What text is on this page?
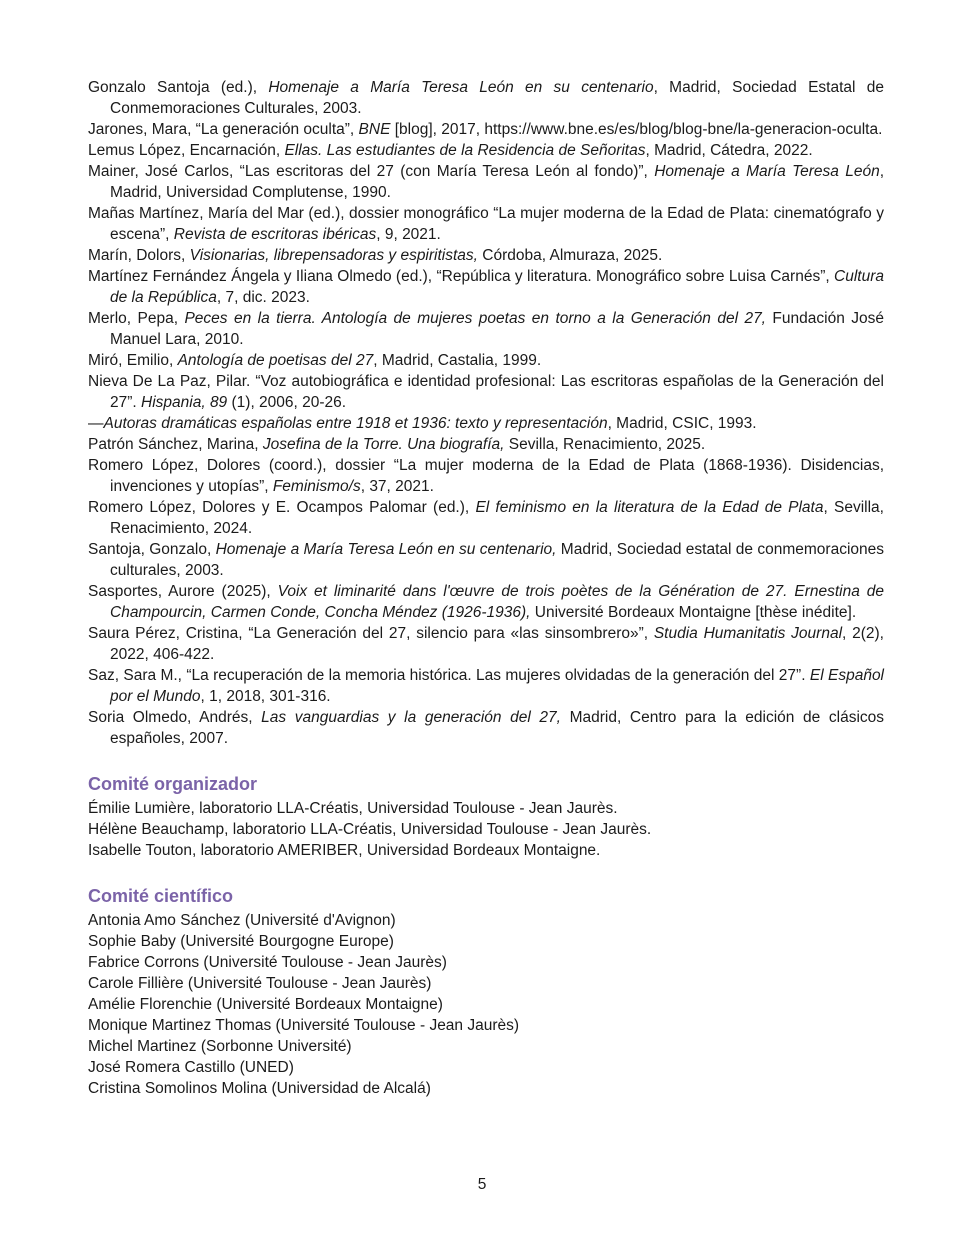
Gonzalo Santoja (ed.), Homenaje a María Teresa León en su centenario, Madrid, Sociedad Estatal de Conmemoraciones Culturales, 2003.

Jarones, Mara, “La generación oculta”, BNE [blog], 2017, https://www.bne.es/es/blog/blog-bne/la-generacion-oculta.

Lemus López, Encarnación, Ellas. Las estudiantes de la Residencia de Señoritas, Madrid, Cátedra, 2022.

Mainer, José Carlos, “Las escritoras del 27 (con María Teresa León al fondo)”, Homenaje a María Teresa León, Madrid, Universidad Complutense, 1990.

Mañas Martínez, María del Mar (ed.), dossier monográfico “La mujer moderna de la Edad de Plata: cinematógrafo y escena”, Revista de escritoras ibéricas, 9, 2021.

Marín, Dolors, Visionarias, librepensadoras y espiritistas, Córdoba, Almuraza, 2025.

Martínez Fernández Ángela y Iliana Olmedo (ed.), “República y literatura. Monográfico sobre Luisa Carnés”, Cultura de la República, 7, dic. 2023.

Merlo, Pepa, Peces en la tierra. Antología de mujeres poetas en torno a la Generación del 27, Fundación José Manuel Lara, 2010.

Miró, Emilio, Antología de poetisas del 27, Madrid, Castalia, 1999.

Nieva De La Paz, Pilar. “Voz autobiográfica e identidad profesional: Las escritoras españolas de la Generación del 27”. Hispania, 89 (1), 2006, 20-26.

—Autoras dramáticas españolas entre 1918 et 1936: texto y representación, Madrid, CSIC, 1993.

Patrón Sánchez, Marina, Josefina de la Torre. Una biografía, Sevilla, Renacimiento, 2025.

Romero López, Dolores (coord.), dossier “La mujer moderna de la Edad de Plata (1868-1936). Disidencias, invenciones y utopías”, Feminismo/s, 37, 2021.

Romero López, Dolores y E. Ocampos Palomar (ed.), El feminismo en la literatura de la Edad de Plata, Sevilla, Renacimiento, 2024.

Santoja, Gonzalo, Homenaje a María Teresa León en su centenario, Madrid, Sociedad estatal de conmemoraciones culturales, 2003.

Sasportes, Aurore (2025), Voix et liminarité dans l'œuvre de trois poètes de la Génération de 27. Ernestina de Champourcin, Carmen Conde, Concha Méndez (1926-1936), Université Bordeaux Montaigne [thèse inédite].

Saura Pérez, Cristina, “La Generación del 27, silencio para «las sinsombrero»”, Studia Humanitatis Journal, 2(2), 2022, 406-422.

Saz, Sara M., “La recuperación de la memoria histórica. Las mujeres olvidadas de la generación del 27”. El Español por el Mundo, 1, 2018, 301-316.

Soria Olmedo, Andrés, Las vanguardias y la generación del 27, Madrid, Centro para la edición de clásicos españoles, 2007.

Comité organizador

Émilie Lumière, laboratorio LLA-Créatis, Universidad Toulouse - Jean Jaurès.

Hélène Beauchamp, laboratorio LLA-Créatis, Universidad Toulouse - Jean Jaurès.

Isabelle Touton, laboratorio AMERIBER, Universidad Bordeaux Montaigne.

Comité científico

Antonia Amo Sánchez (Université d'Avignon)

Sophie Baby (Université Bourgogne Europe)

Fabrice Corrons (Université Toulouse - Jean Jaurès)

Carole Fillière (Université Toulouse - Jean Jaurès)

Amélie Florenchie (Université Bordeaux Montaigne)

Monique Martinez Thomas (Université Toulouse - Jean Jaurès)

Michel Martinez (Sorbonne Université)

José Romera Castillo (UNED)

Cristina Somolinos Molina (Universidad de Alcalá)

5
